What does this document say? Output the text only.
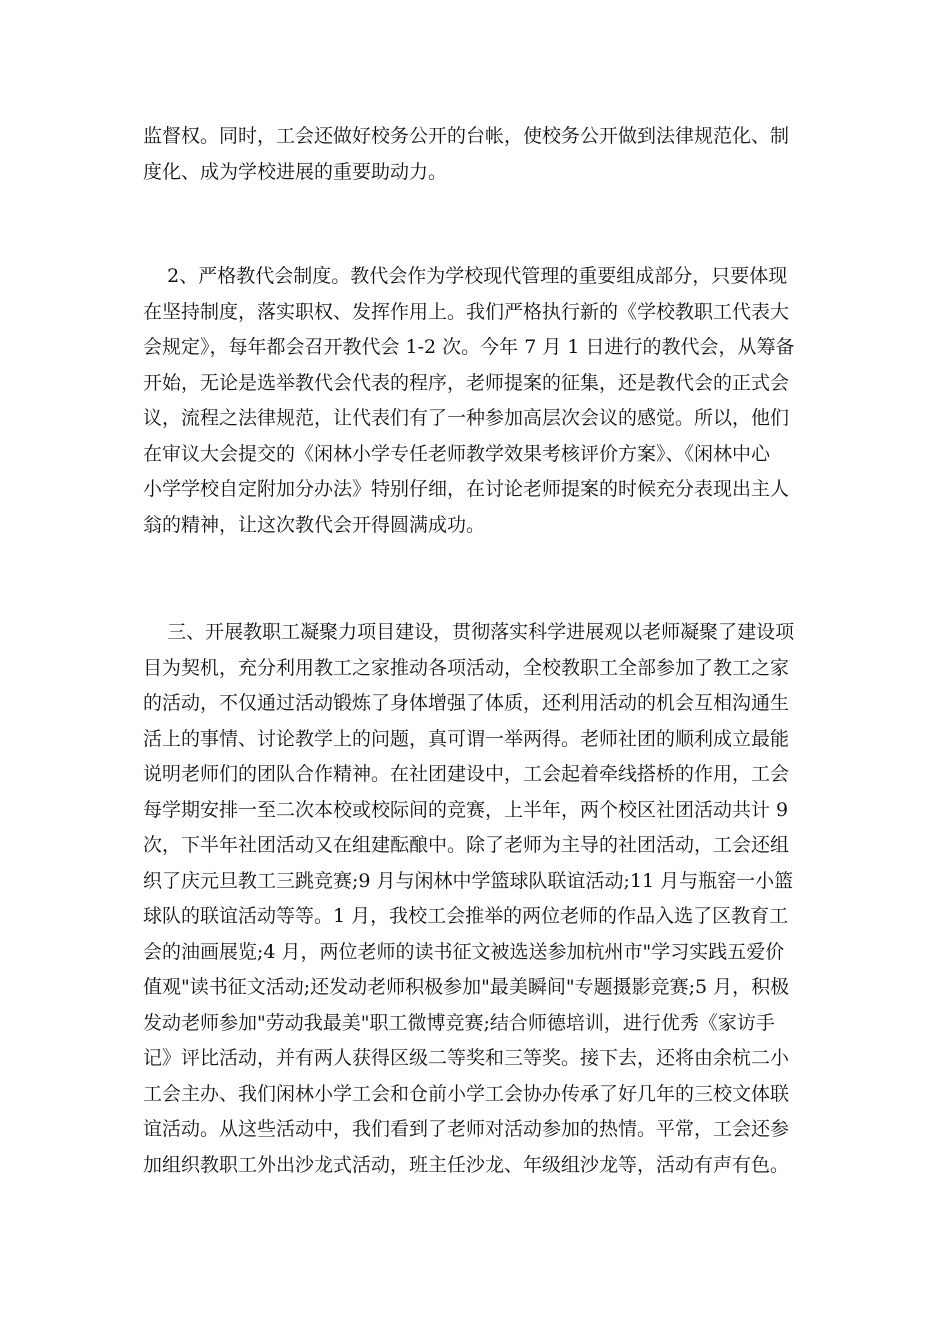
监督权。同时，工会还做好校务公开的台帐，使校务公开做到法律规范化、制
度化、成为学校进展的重要助动力。
2、严格教代会制度。教代会作为学校现代管理的重要组成部分，只要体现
在坚持制度，落实职权、发挥作用上。我们严格执行新的《学校教职工代表大
会规定》，每年都会召开教代会 1-2 次。今年 7 月 1 日进行的教代会，从筹备
开始，无论是选举教代会代表的程序，老师提案的征集，还是教代会的正式会
议，流程之法律规范，让代表们有了一种参加高层次会议的感觉。所以，他们
在审议大会提交的《闲林小学专任老师教学效果考核评价方案》、《闲林中心
小学学校自定附加分办法》特别仔细，在讨论老师提案的时候充分表现出主人
翁的精神，让这次教代会开得圆满成功。
三、开展教职工凝聚力项目建设，贯彻落实科学进展观以老师凝聚了建设项
目为契机，充分利用教工之家推动各项活动，全校教职工全部参加了教工之家
的活动，不仅通过活动锻炼了身体增强了体质，还利用活动的机会互相沟通生
活上的事情、讨论教学上的问题，真可谓一举两得。老师社团的顺利成立最能
说明老师们的团队合作精神。在社团建设中，工会起着牵线搭桥的作用，工会
每学期安排一至二次本校或校际间的竞赛，上半年，两个校区社团活动共计 9
次，下半年社团活动又在组建酝酿中。除了老师为主导的社团活动，工会还组
织了庆元旦教工三跳竞赛;9 月与闲林中学篮球队联谊活动;11 月与瓶窑一小篮
球队的联谊活动等等。1 月，我校工会推举的两位老师的作品入选了区教育工
会的油画展览;4 月，两位老师的读书征文被选送参加杭州市"学习实践五爱价
值观"读书征文活动;还发动老师积极参加"最美瞬间"专题摄影竞赛;5 月，积极
发动老师参加"劳动我最美"职工微博竞赛;结合师德培训，进行优秀《家访手
记》评比活动，并有两人获得区级二等奖和三等奖。接下去，还将由余杭二小
工会主办、我们闲林小学工会和仓前小学工会协办传承了好几年的三校文体联
谊活动。从这些活动中，我们看到了老师对活动参加的热情。平常，工会还参
加组织教职工外出沙龙式活动，班主任沙龙、年级组沙龙等，活动有声有色。
